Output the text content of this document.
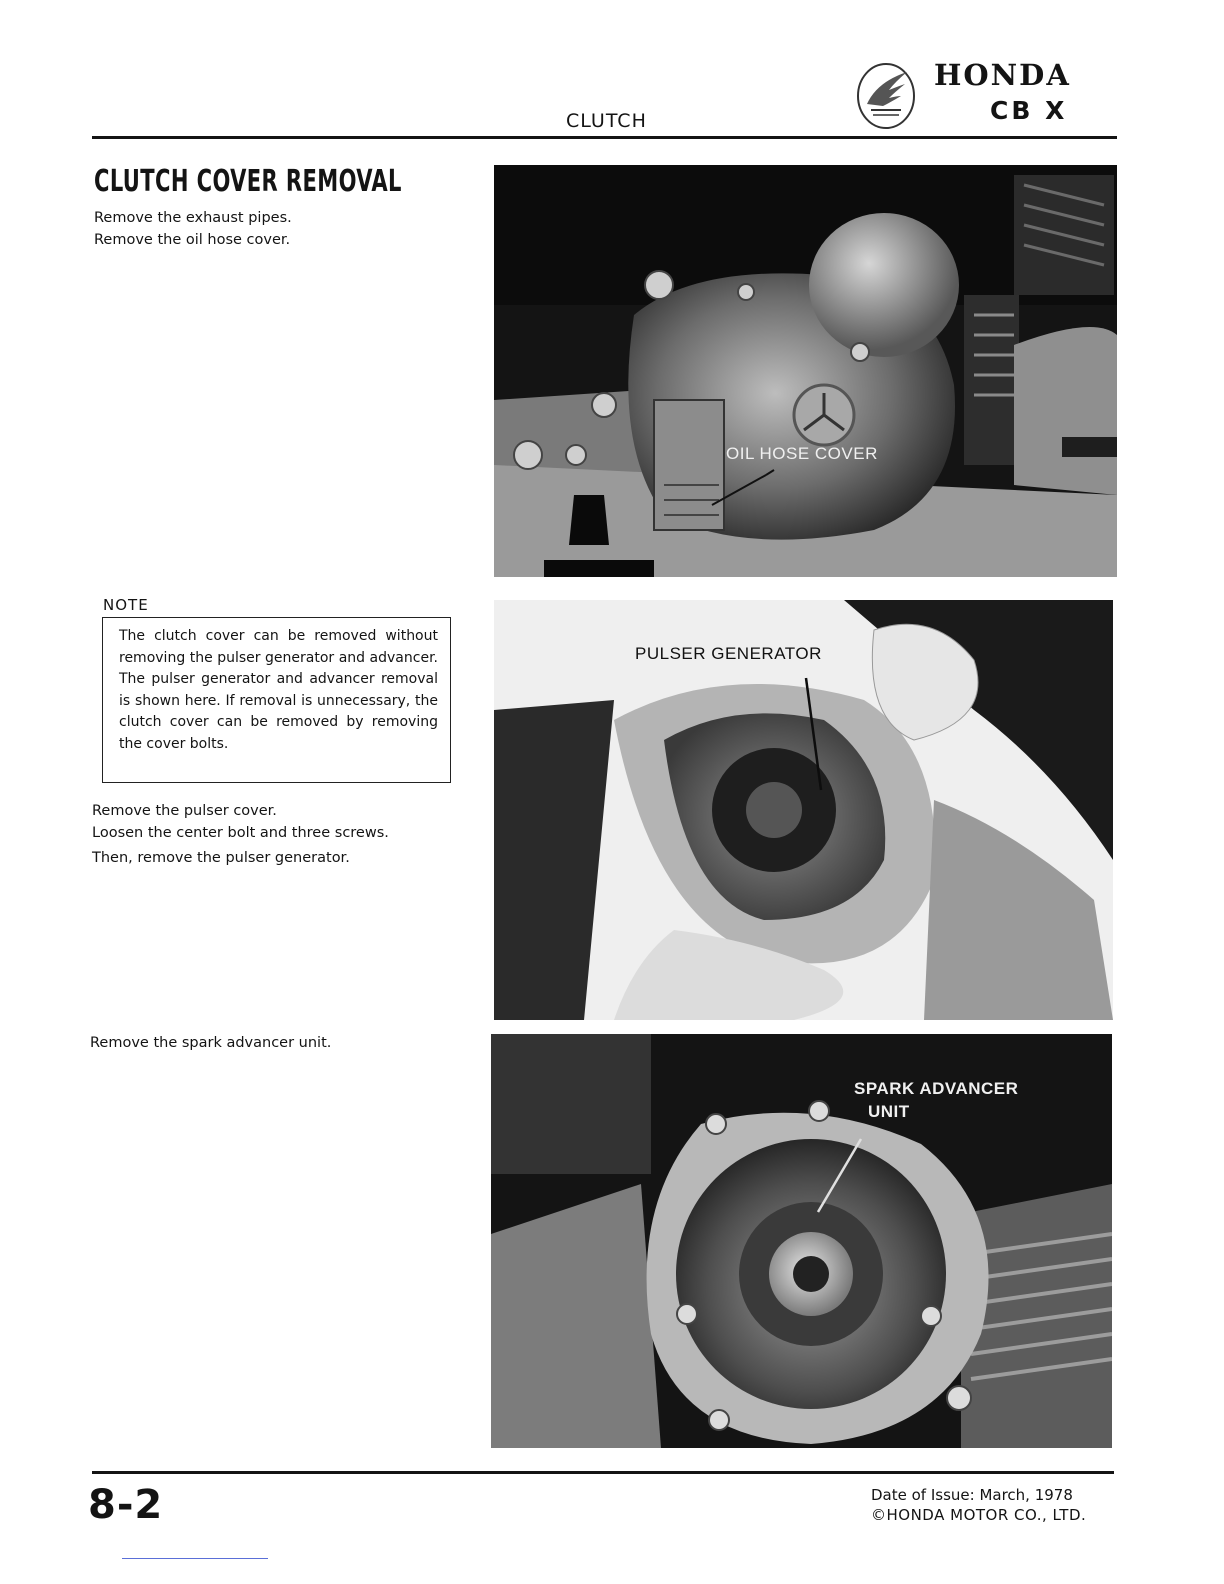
CLUTCH
HONDA
CB X
CLUTCH COVER REMOVAL

Remove the exhaust pipes.

Remove the oil hose cover.

NOTE
The clutch cover can be removed without removing the pulser generator and advancer. The pulser generator and advancer removal is shown here. If removal is unnecessary, the clutch cover can be removed by removing the cover bolts.

Remove the pulser cover.

Loosen the center bolt and three screws.

Then, remove the pulser generator.

Remove the spark advancer unit.

OIL HOSE COVER
PULSER GENERATOR
SPARK ADVANCER
UNIT
8-2	Date of Issue: March, 1978
©HONDA MOTOR CO., LTD.
